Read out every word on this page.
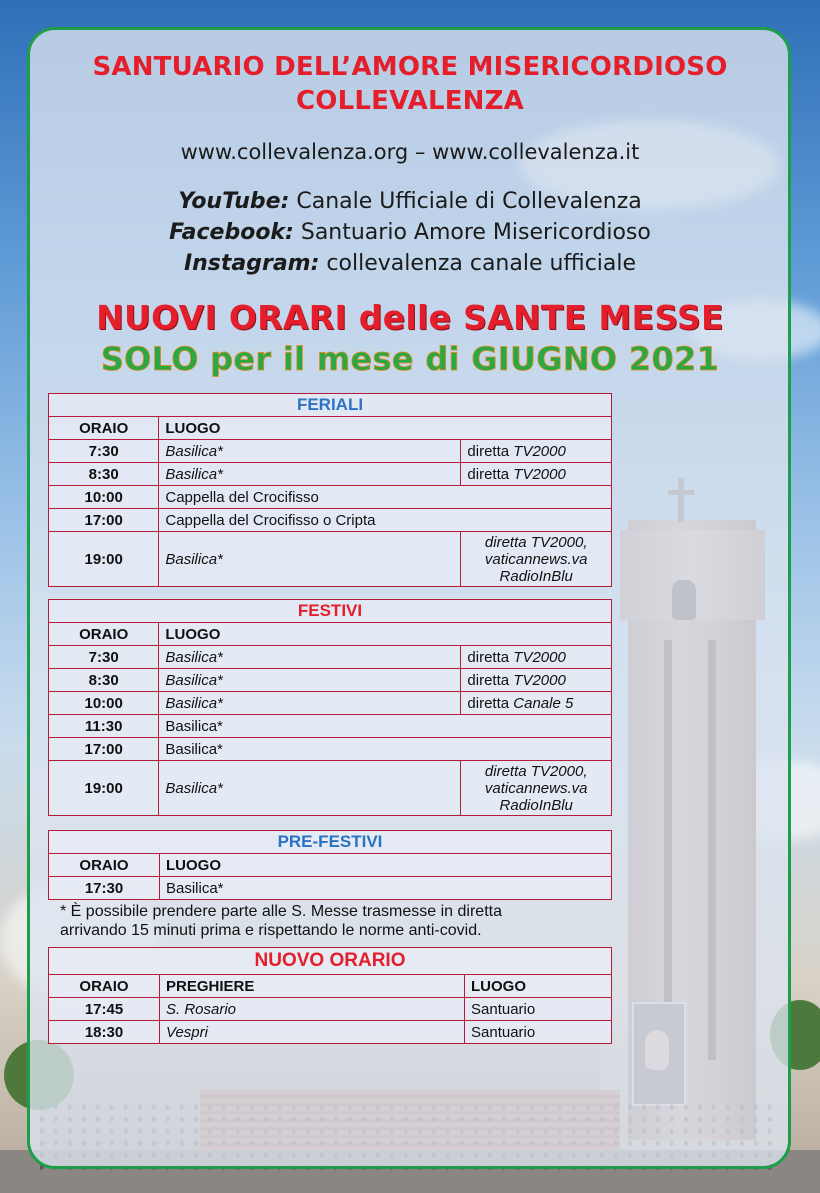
SANTUARIO DELL’AMORE MISERICORDIOSO
COLLEVALENZA
www.collevalenza.org – www.collevalenza.it
YouTube: Canale Ufficiale di Collevalenza
Facebook: Santuario Amore Misericordioso
Instagram: collevalenza canale ufficiale
NUOVI ORARI delle SANTE MESSE
SOLO per il mese di GIUGNO 2021
FERIALI		
ORAIO	LUOGO	
7:30	Basilica*	diretta TV2000
8:30	Basilica*	diretta TV2000
10:00	Cappella del Crocifisso	
17:00	Cappella del Crocifisso o Cripta	
19:00	Basilica*	diretta TV2000,
vaticannews.va
RadioInBlu
FESTIVI		
ORAIO	LUOGO	
7:30	Basilica*	diretta TV2000
8:30	Basilica*	diretta TV2000
10:00	Basilica*	diretta Canale 5
11:30	Basilica*	
17:00	Basilica*	
19:00	Basilica*	diretta TV2000,
vaticannews.va
RadioInBlu
PRE-FESTIVI	
ORAIO	LUOGO
17:30	Basilica*
* È possibile prendere parte alle S. Messe trasmesse in diretta
arrivando 15 minuti prima e rispettando le norme anti-covid.
NUOVO ORARIO		
ORAIO	PREGHIERE	LUOGO
17:45	S. Rosario	Santuario
18:30	Vespri	Santuario
